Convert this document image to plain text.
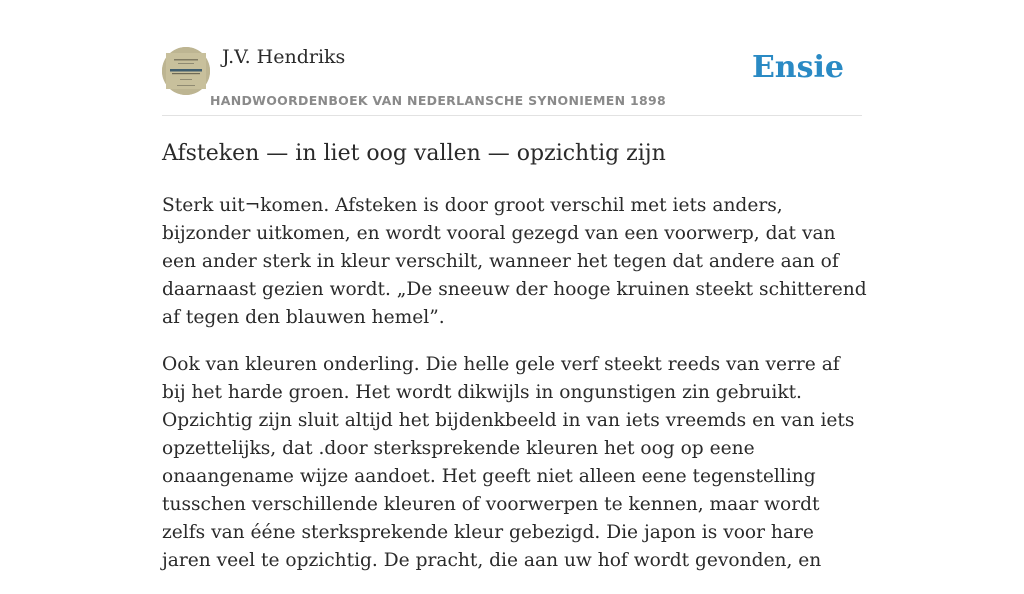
J.V. Hendriks
HANDWOORDENBOEK VAN NEDERLANSCHE SYNONIEMEN 1898
Ensie
Afsteken — in liet oog vallen — opzichtig zijn

Sterk uit¬komen. Afsteken is door groot verschil met iets anders, bijzonder uitkomen, en wordt vooral gezegd van een voorwerp, dat van een ander sterk in kleur verschilt, wanneer het tegen dat andere aan of daarnaast gezien wordt. „De sneeuw der hooge kruinen steekt schitterend af tegen den blauwen hemel”.

Ook van kleuren onderling. Die helle gele verf steekt reeds van verre af bij het harde groen. Het wordt dikwijls in ongunstigen zin gebruikt. Opzichtig zijn sluit altijd het bijdenkbeeld in van iets vreemds en van iets opzettelijks, dat .door sterksprekende kleuren het oog op eene onaangename wijze aandoet. Het geeft niet alleen eene tegenstelling tusschen verschillende kleuren of voorwerpen te kennen, maar wordt zelfs van ééne sterksprekende kleur gebezigd. Die japon is voor hare jaren veel te opzichtig. De pracht, die aan uw hof wordt gevonden, en
